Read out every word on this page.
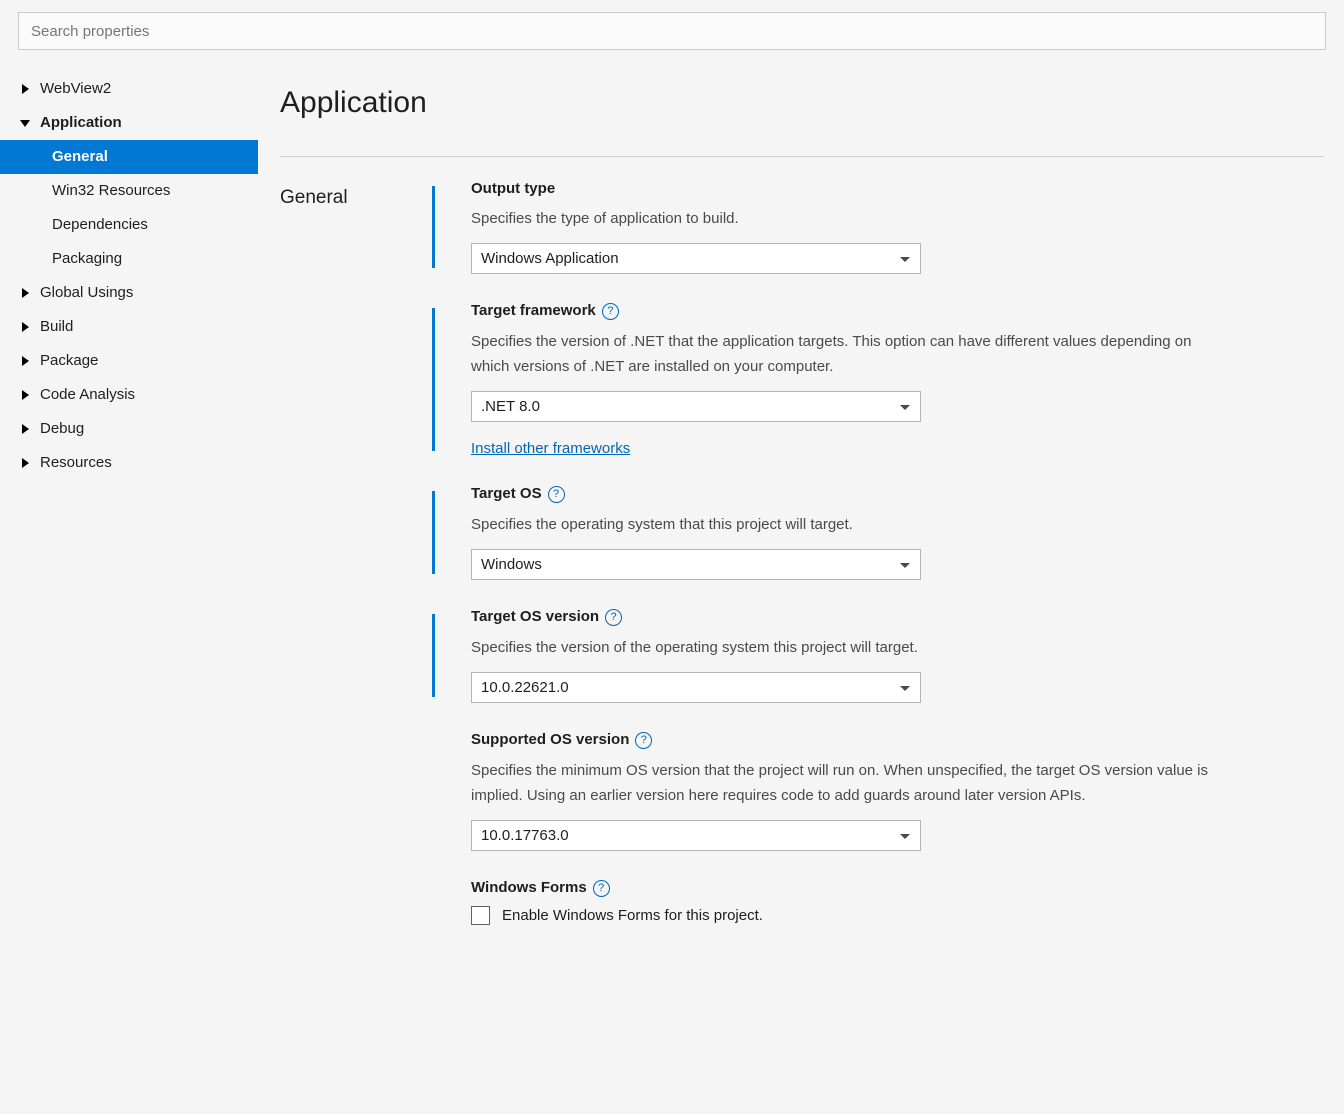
Search properties
WebView2
Application
General
Win32 Resources
Dependencies
Packaging
Global Usings
Build
Package
Code Analysis
Debug
Resources
Application
General	Output type
Specifies the type of application to build.
Windows Application
Target framework ?
Specifies the version of .NET that the application targets. This option can have different values depending on which versions of .NET are installed on your computer.
.NET 8.0
Install other frameworks
Target OS ?
Specifies the operating system that this project will target.
Windows
Target OS version ?
Specifies the version of the operating system this project will target.
10.0.22621.0
Supported OS version ?
Specifies the minimum OS version that the project will run on. When unspecified, the target OS version value is implied. Using an earlier version here requires code to add guards around later version APIs.
10.0.17763.0
Windows Forms ?
Enable Windows Forms for this project.
